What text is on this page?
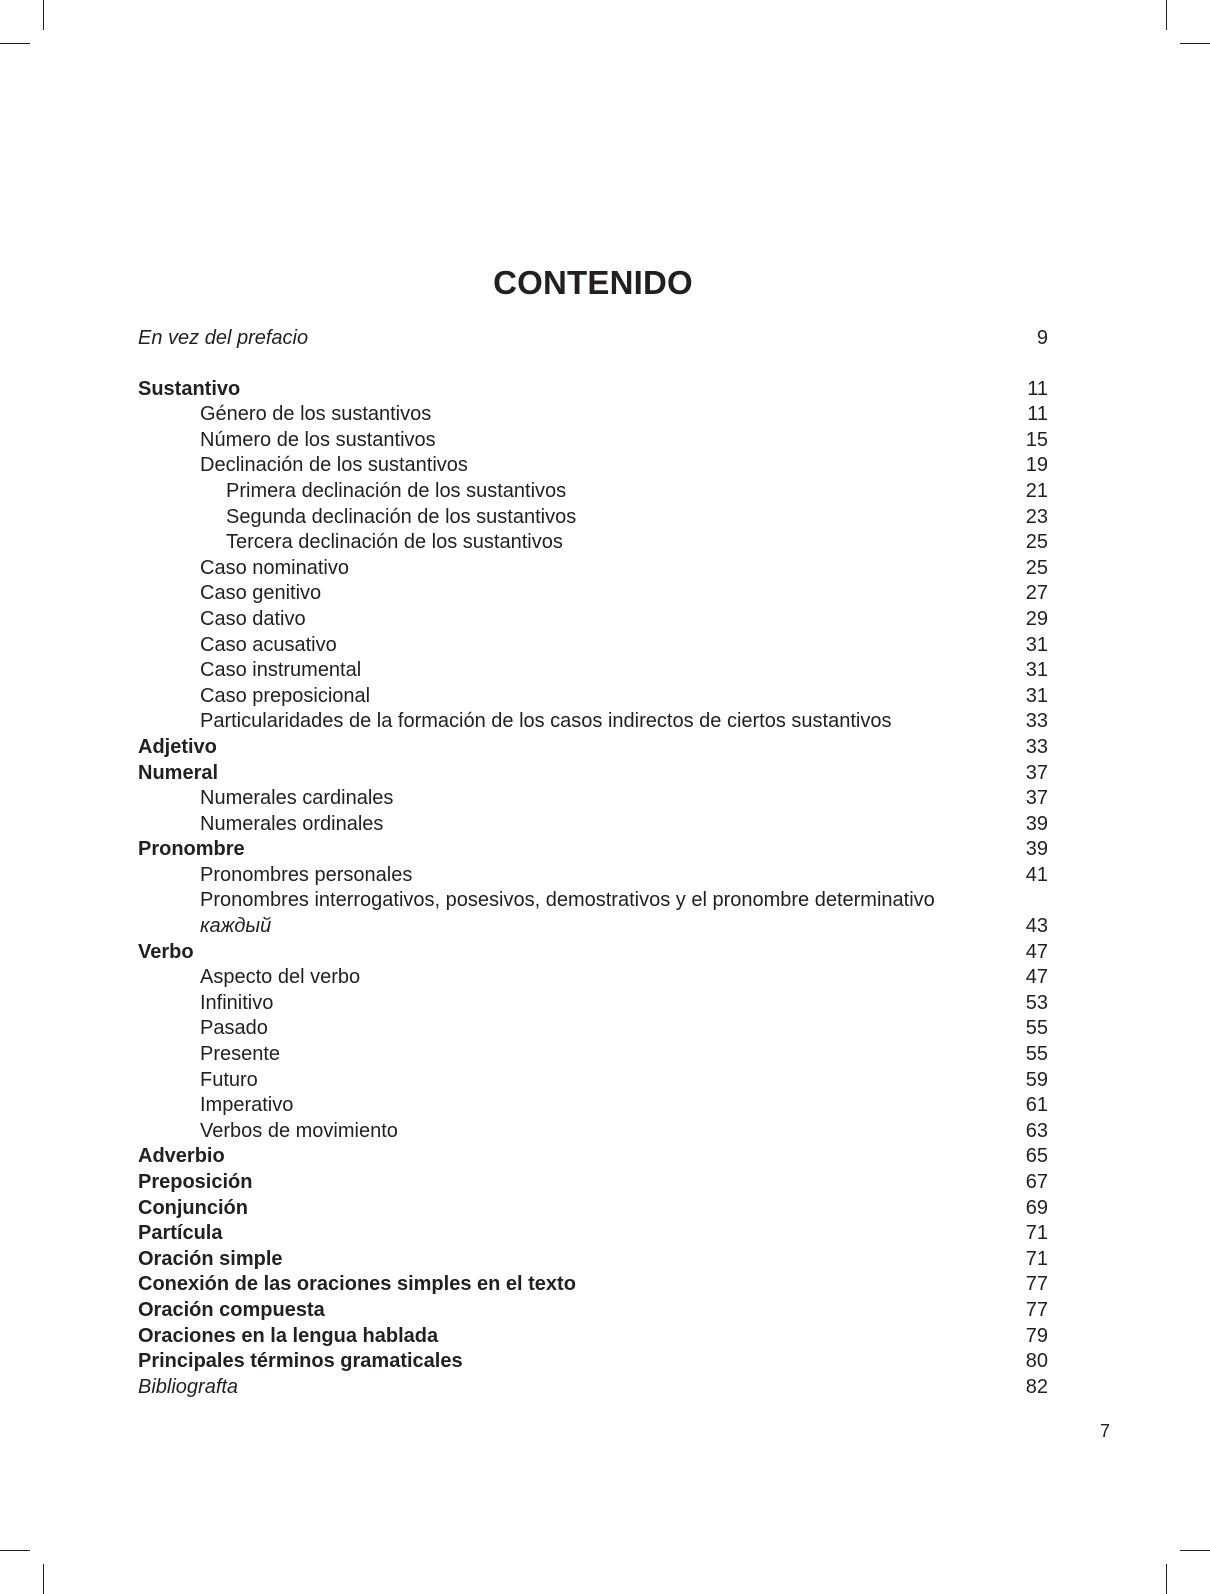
CONTENIDO
En vez del prefacio	9
Sustantivo	11
Género de los sustantivos	11
Número de los sustantivos	15
Declinación de los sustantivos	19
Primera declinación de los sustantivos	21
Segunda declinación de los sustantivos	23
Tercera declinación de los sustantivos	25
Caso nominativo	25
Caso genitivo	27
Caso dativo	29
Caso acusativo	31
Caso instrumental	31
Caso preposicional	31
Particularidades de la formación de los casos indirectos de ciertos sustantivos	33
Adjetivo	33
Numeral	37
Numerales cardinales	37
Numerales ordinales	39
Pronombre	39
Pronombres personales	41
Pronombres interrogativos, posesivos, demostrativos y el pronombre determinativo
каждый	43
Verbo	47
Aspecto del verbo	47
Infinitivo	53
Pasado	55
Presente	55
Futuro	59
Imperativo	61
Verbos de movimiento	63
Adverbio	65
Preposición	67
Conjunción	69
Partícula	71
Oración simple	71
Conexión de las oraciones simples en el texto	77
Oración compuesta	77
Oraciones en la lengua hablada	79
Principales términos gramaticales	80
Bibliografta	82
7
